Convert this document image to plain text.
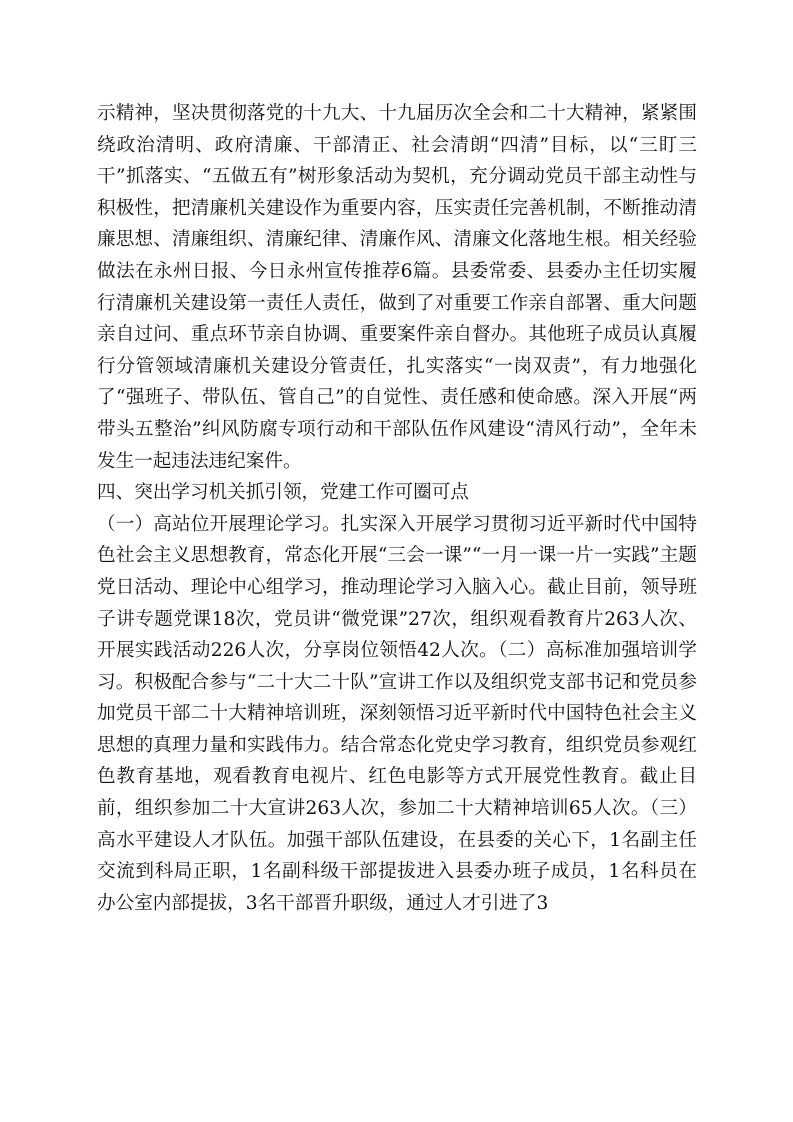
示精神，坚决贯彻落党的十九大、十九届历次全会和二十大精神，紧紧围绕政治清明、政府清廉、干部清正、社会清朗“四清”目标，以“三盯三干”抓落实、“五做五有”树形象活动为契机，充分调动党员干部主动性与积极性，把清廉机关建设作为重要内容，压实责任完善机制，不断推动清廉思想、清廉组织、清廉纪律、清廉作风、清廉文化落地生根。相关经验做法在永州日报、今日永州宣传推荐6篇。县委常委、县委办主任切实履行清廉机关建设第一责任人责任，做到了对重要工作亲自部署、重大问题亲自过问、重点环节亲自协调、重要案件亲自督办。其他班子成员认真履行分管领域清廉机关建设分管责任，扎实落实“一岗双责”，有力地强化了“强班子、带队伍、管自己”的自觉性、责任感和使命感。深入开展“两带头五整治”纠风防腐专项行动和干部队伍作风建设“清风行动”，全年未发生一起违法违纪案件。

四、突出学习机关抓引领，党建工作可圈可点

（一）高站位开展理论学习。扎实深入开展学习贯彻习近平新时代中国特色社会主义思想教育，常态化开展“三会一课”“一月一课一片一实践”主题党日活动、理论中心组学习，推动理论学习入脑入心。截止目前，领导班子讲专题党课18次，党员讲“微党课”27次，组织观看教育片263人次、开展实践活动226人次，分享岗位领悟42人次。（二）高标准加强培训学习。积极配合参与“二十大二十队”宣讲工作以及组织党支部书记和党员参加党员干部二十大精神培训班，深刻领悟习近平新时代中国特色社会主义思想的真理力量和实践伟力。结合常态化党史学习教育，组织党员参观红色教育基地，观看教育电视片、红色电影等方式开展党性教育。截止目前，组织参加二十大宣讲263人次，参加二十大精神培训65人次。（三）高水平建设人才队伍。加强干部队伍建设，在县委的关心下，1名副主任交流到科局正职，1名副科级干部提拔进入县委办班子成员，1名科员在办公室内部提拔，3名干部晋升职级，通过人才引进了3
